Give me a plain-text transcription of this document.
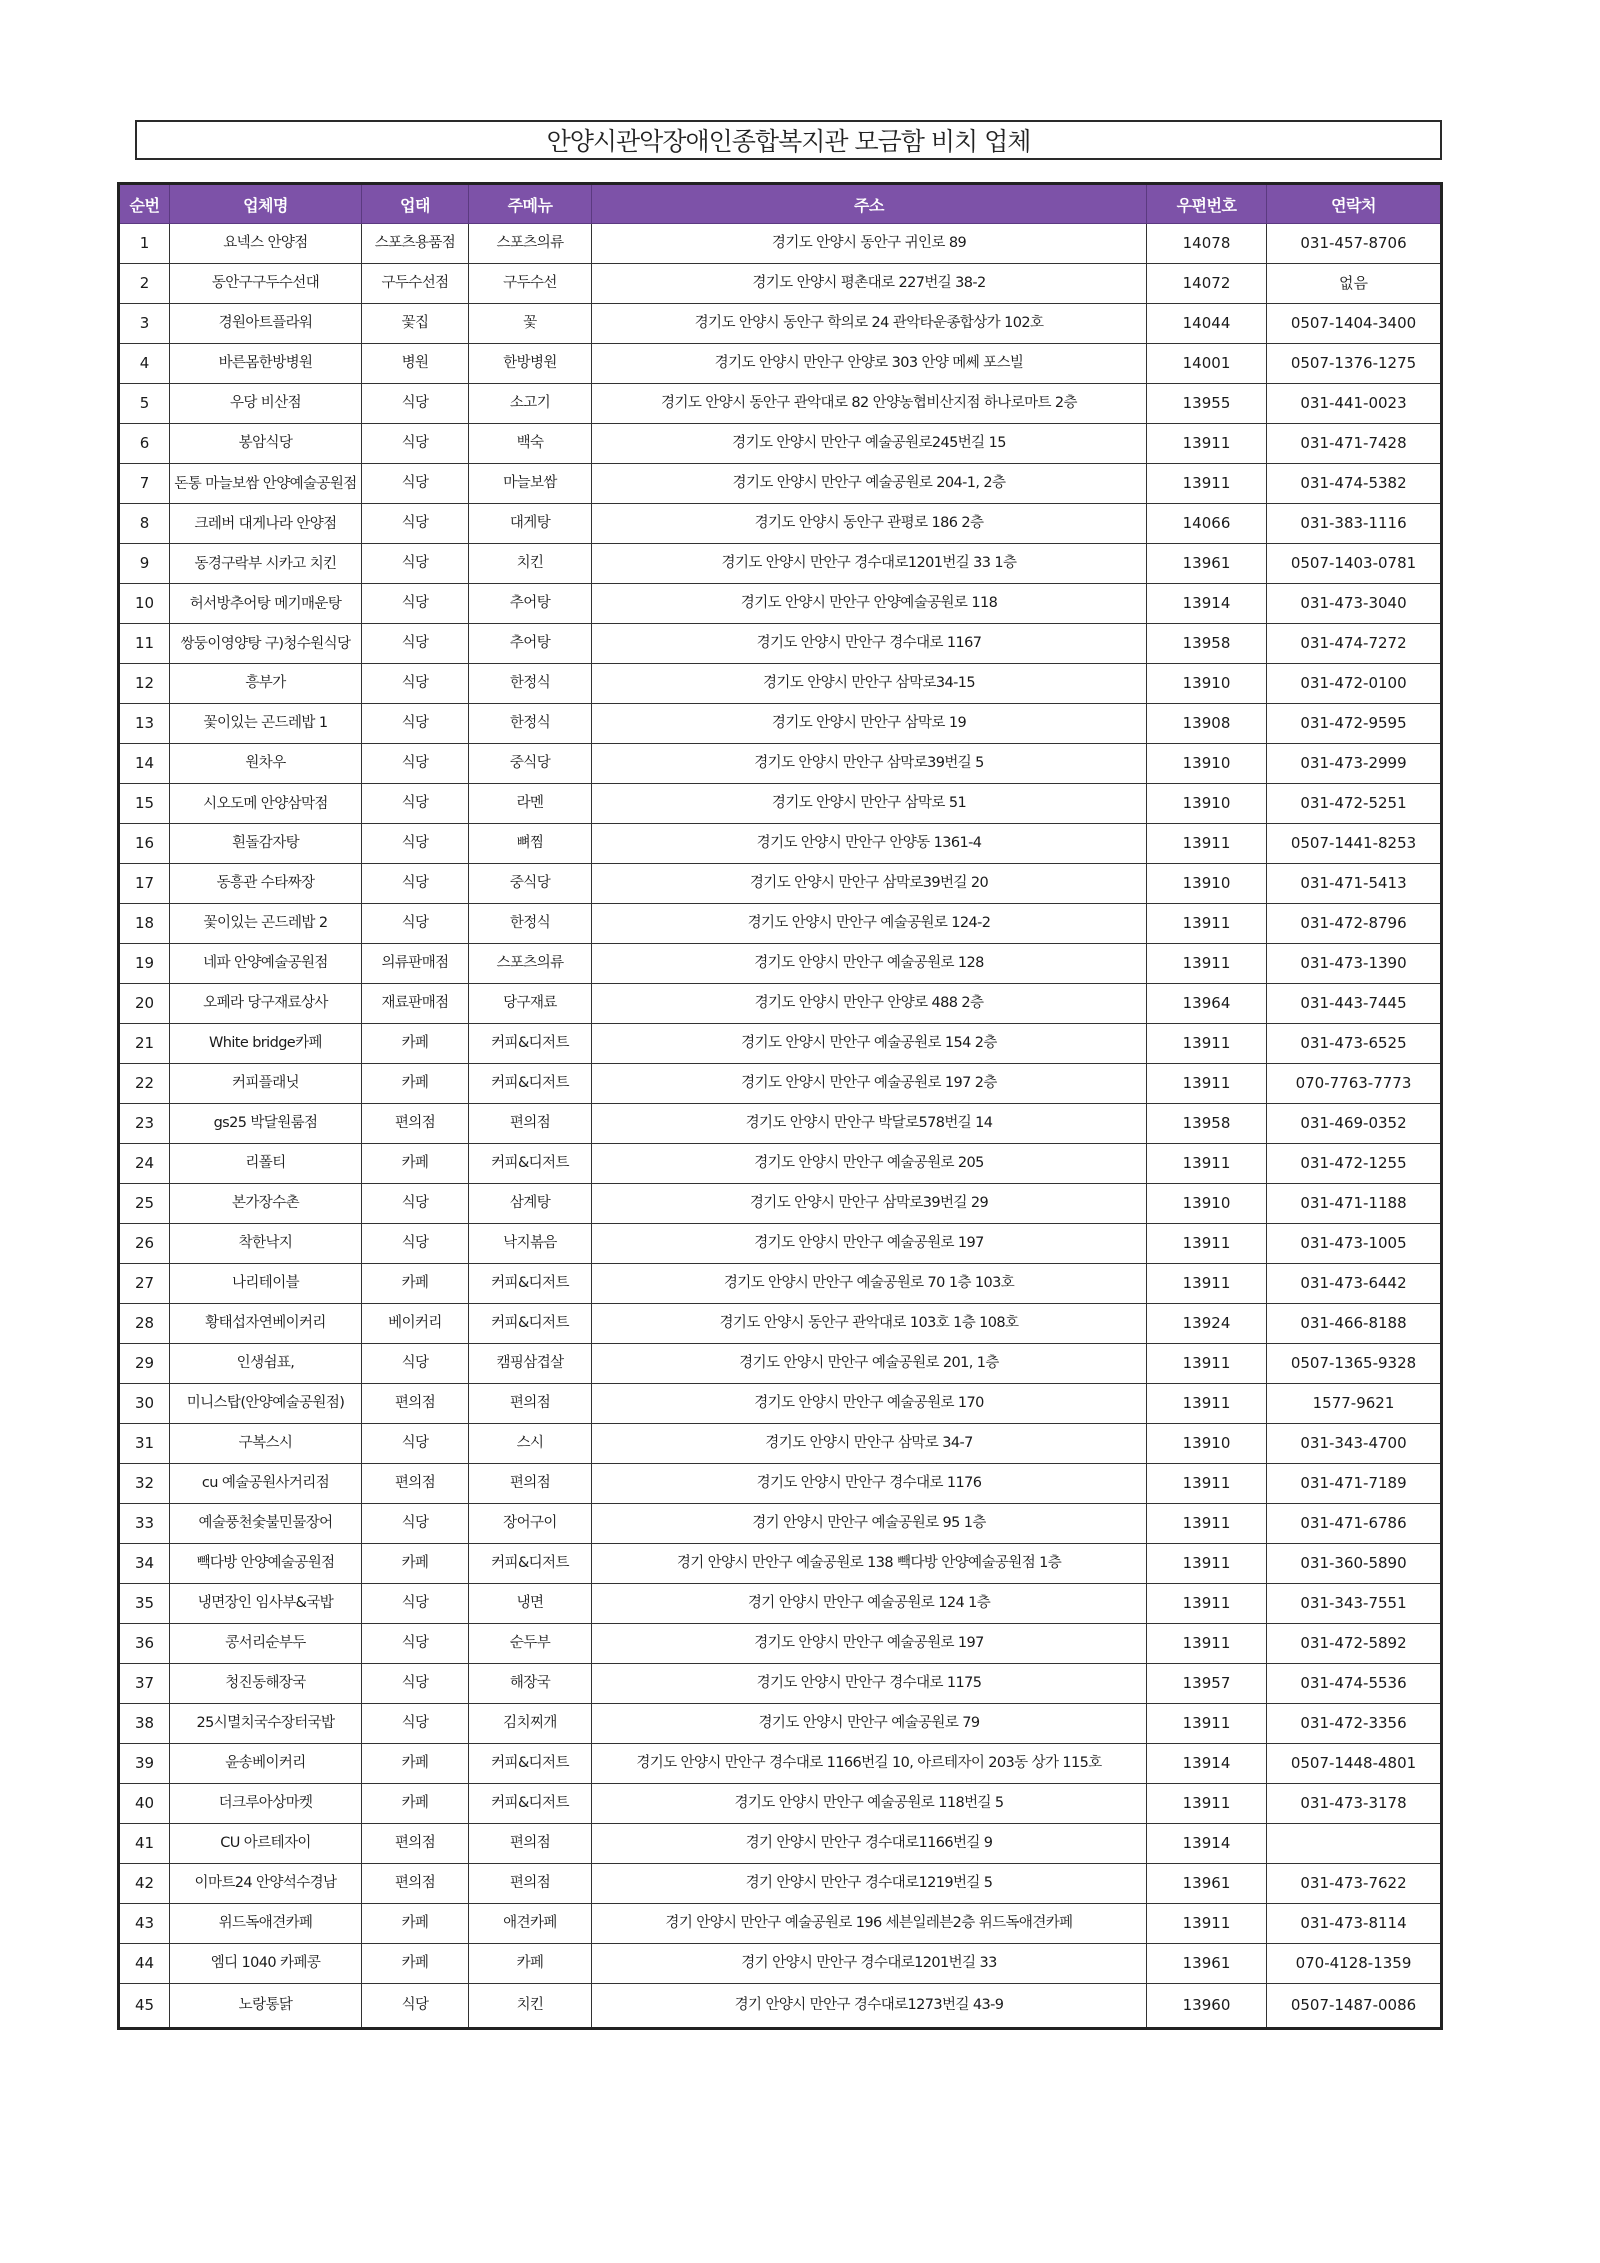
안양시관악장애인종합복지관 모금함 비치 업체
순번	업체명	업태	주메뉴	주소	우편번호	연락처
1	요넥스 안양점	스포츠용품점	스포츠의류	경기도 안양시 동안구 귀인로 89	14078	031-457-8706
2	동안구구두수선대	구두수선점	구두수선	경기도 안양시 평촌대로 227번길 38-2	14072	없음
3	경원아트플라워	꽃집	꽃	경기도 안양시 동안구 학의로 24 관악타운종합상가 102호	14044	0507-1404-3400
4	바른몸한방병원	병원	한방병원	경기도 안양시 만안구 안양로 303 안양 메쎄 포스빌	14001	0507-1376-1275
5	우당 비산점	식당	소고기	경기도 안양시 동안구 관악대로 82 안양농협비산지점 하나로마트 2층	13955	031-441-0023
6	봉암식당	식당	백숙	경기도 안양시 만안구 예술공원로245번길 15	13911	031-471-7428
7	돈통 마늘보쌈 안양예술공원점	식당	마늘보쌈	경기도 안양시 만안구 예술공원로 204-1, 2층	13911	031-474-5382
8	크레버 대게나라 안양점	식당	대게탕	경기도 안양시 동안구 관평로 186 2층	14066	031-383-1116
9	동경구락부 시카고 치킨	식당	치킨	경기도 안양시 만안구 경수대로1201번길 33 1층	13961	0507-1403-0781
10	허서방추어탕 메기매운탕	식당	추어탕	경기도 안양시 만안구 안양예술공원로 118	13914	031-473-3040
11	쌍둥이영양탕 구)청수원식당	식당	추어탕	경기도 안양시 만안구 경수대로 1167	13958	031-474-7272
12	흥부가	식당	한정식	경기도 안양시 만안구 삼막로34-15	13910	031-472-0100
13	꽃이있는 곤드레밥 1	식당	한정식	경기도 안양시 만안구 삼막로 19	13908	031-472-9595
14	원차우	식당	중식당	경기도 안양시 만안구 삼막로39번길 5	13910	031-473-2999
15	시오도메 안양삼막점	식당	라멘	경기도 안양시 만안구 삼막로 51	13910	031-472-5251
16	흰돌감자탕	식당	뼈찜	경기도 안양시 만안구 안양동 1361-4	13911	0507-1441-8253
17	동흥관 수타짜장	식당	중식당	경기도 안양시 만안구 삼막로39번길 20	13910	031-471-5413
18	꽃이있는 곤드레밥 2	식당	한정식	경기도 안양시 만안구 예술공원로 124-2	13911	031-472-8796
19	네파 안양예술공원점	의류판매점	스포츠의류	경기도 안양시 만안구 예술공원로 128	13911	031-473-1390
20	오페라 당구재료상사	재료판매점	당구재료	경기도 안양시 만안구 안양로 488 2층	13964	031-443-7445
21	White bridge카페	카페	커피&디저트	경기도 안양시 만안구 예술공원로 154 2층	13911	031-473-6525
22	커피플래닛	카페	커피&디저트	경기도 안양시 만안구 예술공원로 197 2층	13911	070-7763-7773
23	gs25 박달원룸점	편의점	편의점	경기도 안양시 만안구 박달로578번길 14	13958	031-469-0352
24	리폴티	카페	커피&디저트	경기도 안양시 만안구 예술공원로 205	13911	031-472-1255
25	본가장수촌	식당	삼계탕	경기도 안양시 만안구 삼막로39번길 29	13910	031-471-1188
26	착한낙지	식당	낙지볶음	경기도 안양시 만안구 예술공원로 197	13911	031-473-1005
27	나리테이블	카페	커피&디저트	경기도 안양시 만안구 예술공원로 70 1층 103호	13911	031-473-6442
28	황태섭자연베이커리	베이커리	커피&디저트	경기도 안양시 동안구 관악대로 103호 1층 108호	13924	031-466-8188
29	인생쉼표,	식당	캠핑삼겹살	경기도 안양시 만안구 예술공원로 201, 1층	13911	0507-1365-9328
30	미니스탑(안양예술공원점)	편의점	편의점	경기도 안양시 만안구 예술공원로 170	13911	1577-9621
31	구복스시	식당	스시	경기도 안양시 만안구 삼막로 34-7	13910	031-343-4700
32	cu 예술공원사거리점	편의점	편의점	경기도 안양시 만안구 경수대로 1176	13911	031-471-7189
33	예술풍천숯불민물장어	식당	장어구이	경기 안양시 만안구 예술공원로 95 1층	13911	031-471-6786
34	빽다방 안양예술공원점	카페	커피&디저트	경기 안양시 만안구 예술공원로 138 빽다방 안양예술공원점 1층	13911	031-360-5890
35	냉면장인 임사부&국밥	식당	냉면	경기 안양시 만안구 예술공원로 124 1층	13911	031-343-7551
36	콩서리순부두	식당	순두부	경기도 안양시 만안구 예술공원로 197	13911	031-472-5892
37	청진동해장국	식당	해장국	경기도 안양시 만안구 경수대로 1175	13957	031-474-5536
38	25시멸치국수장터국밥	식당	김치찌개	경기도 안양시 만안구 예술공원로 79	13911	031-472-3356
39	윤송베이커리	카페	커피&디저트	경기도 안양시 만안구 경수대로 1166번길 10, 아르테자이 203동 상가 115호	13914	0507-1448-4801
40	더크루아상마켓	카페	커피&디저트	경기도 안양시 만안구 예술공원로 118번길 5	13911	031-473-3178
41	CU 아르테자이	편의점	편의점	경기 안양시 만안구 경수대로1166번길 9	13914	
42	이마트24 안양석수경남	편의점	편의점	경기 안양시 만안구 경수대로1219번길 5	13961	031-473-7622
43	위드독애견카페	카페	애견카페	경기 안양시 만안구 예술공원로 196 세븐일레븐2층 위드독애견카페	13911	031-473-8114
44	엠디 1040 카페콩	카페	카페	경기 안양시 만안구 경수대로1201번길 33	13961	070-4128-1359
45	노랑통닭	식당	치킨	경기 안양시 만안구 경수대로1273번길 43-9	13960	0507-1487-0086
